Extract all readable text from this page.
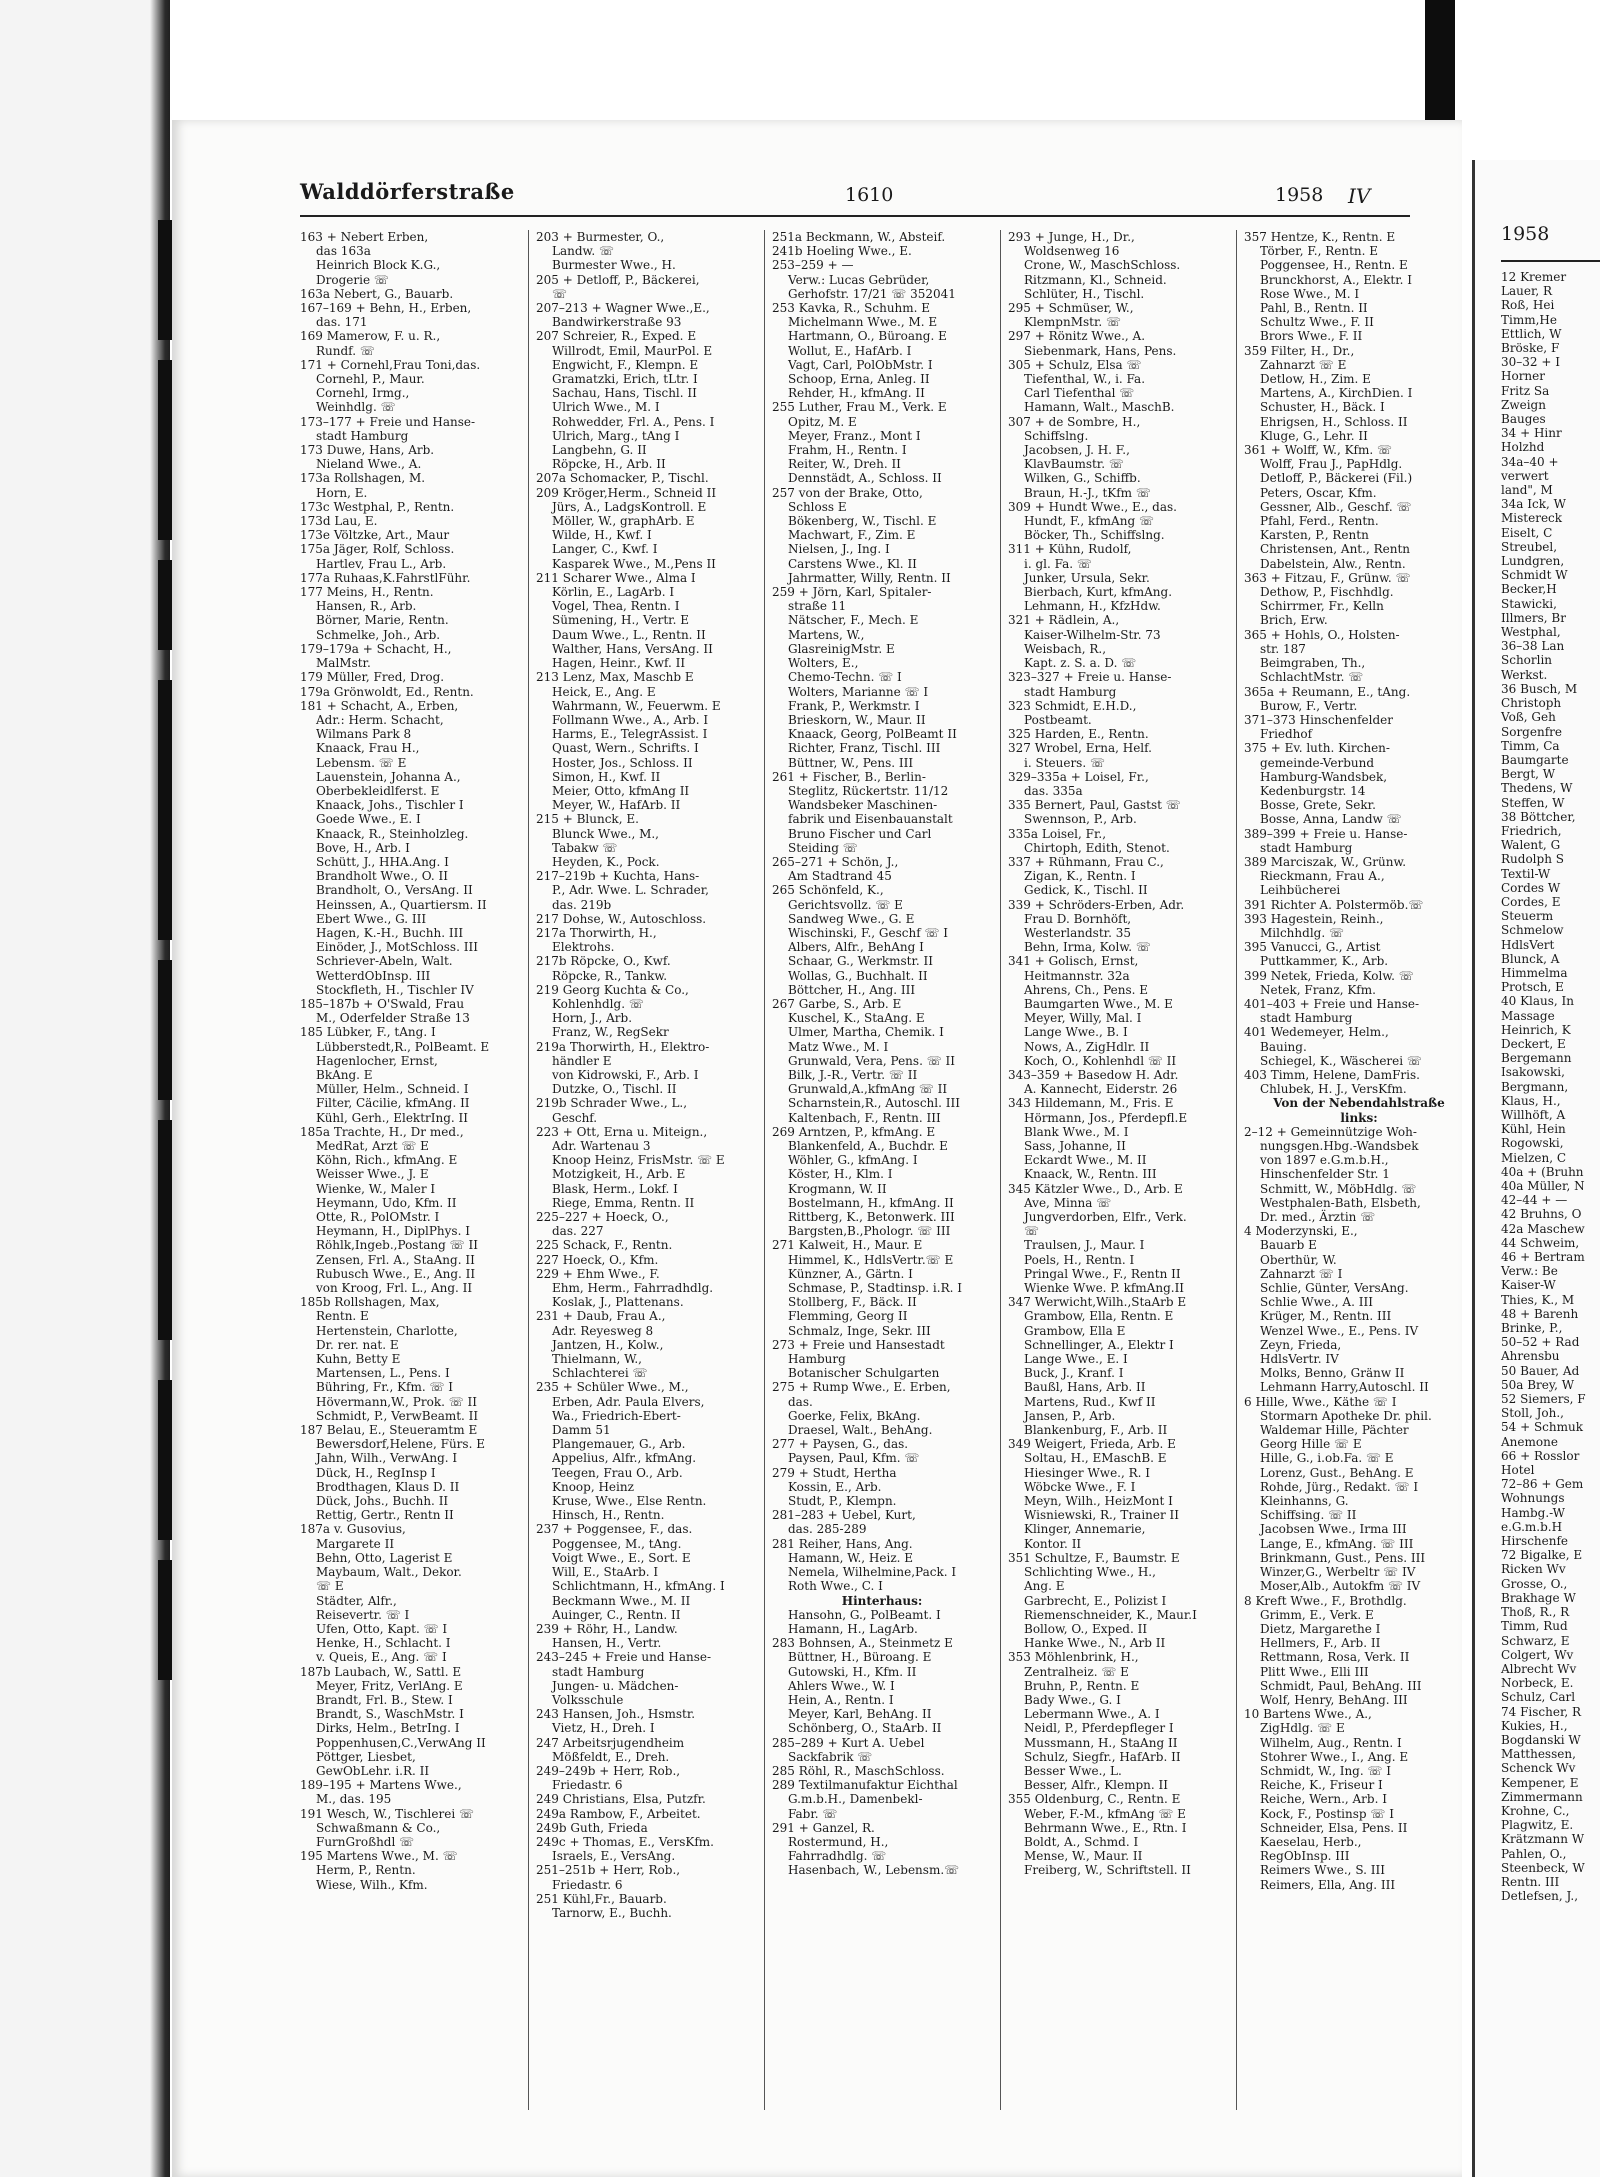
Walddörferstraße	1610	1958 IV
163 + Nebert Erben,
das 163a
Heinrich Block K.G.,
Drogerie ☏
163a Nebert, G., Bauarb.
167–169 + Behn, H., Erben,
das. 171
169 Mamerow, F. u. R.,
Rundf. ☏
171 + Cornehl,Frau Toni,das.
Cornehl, P., Maur.
Cornehl, Irmg.,
Weinhdlg. ☏
173–177 + Freie und Hanse-
stadt Hamburg
173 Duwe, Hans, Arb.
Nieland Wwe., A.
173a Rollshagen, M.
Horn, E.
173c Westphal, P., Rentn.
173d Lau, E.
173e Völtzke, Art., Maur
175a Jäger, Rolf, Schloss.
Hartlev, Frau L., Arb.
177a Ruhaas,K.FahrstlFühr.
177 Meins, H., Rentn.
Hansen, R., Arb.
Börner, Marie, Rentn.
Schmelke, Joh., Arb.
179–179a + Schacht, H.,
MalMstr.
179 Müller, Fred, Drog.
179a Grönwoldt, Ed., Rentn.
181 + Schacht, A., Erben,
Adr.: Herm. Schacht,
Wilmans Park 8
Knaack, Frau H.,
Lebensm. ☏ E
Lauenstein, Johanna A.,
Oberbekleidlferst. E
Knaack, Johs., Tischler I
Goede Wwe., E. I
Knaack, R., Steinholzleg.
Bove, H., Arb. I
Schütt, J., HHA.Ang. I
Brandholt Wwe., O. II
Brandholt, O., VersAng. II
Heinssen, A., Quartiersm. II
Ebert Wwe., G. III
Hagen, K.-H., Buchh. III
Einöder, J., MotSchloss. III
Schriever-Abeln, Walt.
WetterdObInsp. III
Stockfleth, H., Tischler IV
185–187b + O'Swald, Frau
M., Oderfelder Straße 13
185 Lübker, F., tAng. I
Lübberstedt,R., PolBeamt. E
Hagenlocher, Ernst,
BkAng. E
Müller, Helm., Schneid. I
Filter, Cäcilie, kfmAng. II
Kühl, Gerh., ElektrIng. II
185a Trachte, H., Dr med.,
MedRat, Arzt ☏ E
Köhn, Rich., kfmAng. E
Weisser Wwe., J. E
Wienke, W., Maler I
Heymann, Udo, Kfm. II
Otte, R., PolOMstr. I
Heymann, H., DiplPhys. I
Röhlk,Ingeb.,Postang ☏ II
Zensen, Frl. A., StaAng. II
Rubusch Wwe., E., Ang. II
von Kroog, Frl. L., Ang. II
185b Rollshagen, Max,
Rentn. E
Hertenstein, Charlotte,
Dr. rer. nat. E
Kuhn, Betty E
Martensen, L., Pens. I
Bühring, Fr., Kfm. ☏ I
Hövermann,W., Prok. ☏ II
Schmidt, P., VerwBeamt. II
187 Belau, E., Steueramtm E
Bewersdorf,Helene, Fürs. E
Jahn, Wilh., VerwAng. I
Dück, H., RegInsp I
Brodthagen, Klaus D. II
Dück, Johs., Buchh. II
Rettig, Gertr., Rentn II
187a v. Gusovius,
Margarete II
Behn, Otto, Lagerist E
Maybaum, Walt., Dekor.
☏ E
Städter, Alfr.,
Reisevertr. ☏ I
Ufen, Otto, Kapt. ☏ I
Henke, H., Schlacht. I
v. Queis, E., Ang. ☏ I
187b Laubach, W., Sattl. E
Meyer, Fritz, VerlAng. E
Brandt, Frl. B., Stew. I
Brandt, S., WaschMstr. I
Dirks, Helm., BetrIng. I
Poppenhusen,C.,VerwAng II
Pöttger, Liesbet,
GewObLehr. i.R. II
189–195 + Martens Wwe.,
M., das. 195
191 Wesch, W., Tischlerei ☏
Schwaßmann & Co.,
FurnGroßhdl ☏
195 Martens Wwe., M. ☏
Herm, P., Rentn.
Wiese, Wilh., Kfm.
203 + Burmester, O.,
Landw. ☏
Burmester Wwe., H.
205 + Detloff, P., Bäckerei,
☏
207–213 + Wagner Wwe.,E.,
Bandwirkerstraße 93
207 Schreier, R., Exped. E
Willrodt, Emil, MaurPol. E
Engwicht, F., Klempn. E
Gramatzki, Erich, tLtr. I
Sachau, Hans, Tischl. II
Ulrich Wwe., M. I
Rohwedder, Frl. A., Pens. I
Ulrich, Marg., tAng I
Langbehn, G. II
Röpcke, H., Arb. II
207a Schomacker, P., Tischl.
209 Kröger,Herm., Schneid II
Jürs, A., LadgsKontroll. E
Möller, W., graphArb. E
Wilde, H., Kwf. I
Langer, C., Kwf. I
Kasparek Wwe., M.,Pens II
211 Scharer Wwe., Alma I
Körlin, E., LagArb. I
Vogel, Thea, Rentn. I
Sümening, H., Vertr. E
Daum Wwe., L., Rentn. II
Walther, Hans, VersAng. II
Hagen, Heinr., Kwf. II
213 Lenz, Max, Maschb E
Heick, E., Ang. E
Wahrmann, W., Feuerwm. E
Follmann Wwe., A., Arb. I
Harms, E., TelegrAssist. I
Quast, Wern., Schrifts. I
Hoster, Jos., Schloss. II
Simon, H., Kwf. II
Meier, Otto, kfmAng II
Meyer, W., HafArb. II
215 + Blunck, E.
Blunck Wwe., M.,
Tabakw ☏
Heyden, K., Pock.
217–219b + Kuchta, Hans-
P., Adr. Wwe. L. Schrader,
das. 219b
217 Dohse, W., Autoschloss.
217a Thorwirth, H.,
Elektrohs.
217b Röpcke, O., Kwf.
Röpcke, R., Tankw.
219 Georg Kuchta & Co.,
Kohlenhdlg. ☏
Horn, J., Arb.
Franz, W., RegSekr
219a Thorwirth, H., Elektro-
händler E
von Kidrowski, F., Arb. I
Dutzke, O., Tischl. II
219b Schrader Wwe., L.,
Geschf.
223 + Ott, Erna u. Miteign.,
Adr. Wartenau 3
Knoop Heinz, FrisMstr. ☏ E
Motzigkeit, H., Arb. E
Blask, Herm., Lokf. I
Riege, Emma, Rentn. II
225–227 + Hoeck, O.,
das. 227
225 Schack, F., Rentn.
227 Hoeck, O., Kfm.
229 + Ehm Wwe., F.
Ehm, Herm., Fahrradhdlg.
Koslak, J., Plattenans.
231 + Daub, Frau A.,
Adr. Reyesweg 8
Jantzen, H., Kolw.,
Thielmann, W.,
Schlachterei ☏
235 + Schüler Wwe., M.,
Erben, Adr. Paula Elvers,
Wa., Friedrich-Ebert-
Damm 51
Plangemauer, G., Arb.
Appelius, Alfr., kfmAng.
Teegen, Frau O., Arb.
Knoop, Heinz
Kruse, Wwe., Else Rentn.
Hinsch, H., Rentn.
237 + Poggensee, F., das.
Poggensee, M., tAng.
Voigt Wwe., E., Sort. E
Will, E., StaArb. I
Schlichtmann, H., kfmAng. I
Beckmann Wwe., M. II
Auinger, C., Rentn. II
239 + Röhr, H., Landw.
Hansen, H., Vertr.
243–245 + Freie und Hanse-
stadt Hamburg
Jungen- u. Mädchen-
Volksschule
243 Hansen, Joh., Hsmstr.
Vietz, H., Dreh. I
247 Arbeitsrjugendheim
Mößfeldt, E., Dreh.
249–249b + Herr, Rob.,
Friedastr. 6
249 Christians, Elsa, Putzfr.
249a Rambow, F., Arbeitet.
249b Guth, Frieda
249c + Thomas, E., VersKfm.
Israels, E., VersAng.
251–251b + Herr, Rob.,
Friedastr. 6
251 Kühl,Fr., Bauarb.
Tarnorw, E., Buchh.
251a Beckmann, W., Absteif.
241b Hoeling Wwe., E.
253–259 + —
Verw.: Lucas Gebrüder,
Gerhofstr. 17/21 ☏ 352041
253 Kavka, R., Schuhm. E
Michelmann Wwe., M. E
Hartmann, O., Büroang. E
Wollut, E., HafArb. I
Vagt, Carl, PolObMstr. I
Schoop, Erna, Anleg. II
Rehder, H., kfmAng. II
255 Luther, Frau M., Verk. E
Opitz, M. E
Meyer, Franz., Mont I
Frahm, H., Rentn. I
Reiter, W., Dreh. II
Dennstädt, A., Schloss. II
257 von der Brake, Otto,
Schloss E
Bökenberg, W., Tischl. E
Machwart, F., Zim. E
Nielsen, J., Ing. I
Carstens Wwe., Kl. II
Jahrmatter, Willy, Rentn. II
259 + Jörn, Karl, Spitaler-
straße 11
Nätscher, F., Mech. E
Martens, W.,
GlasreinigMstr. E
Wolters, E.,
Chemo-Techn. ☏ I
Wolters, Marianne ☏ I
Frank, P., Werkmstr. I
Brieskorn, W., Maur. II
Knaack, Georg, PolBeamt II
Richter, Franz, Tischl. III
Büttner, W., Pens. III
261 + Fischer, B., Berlin-
Steglitz, Rückertstr. 11/12
Wandsbeker Maschinen-
fabrik und Eisenbauanstalt
Bruno Fischer und Carl
Steiding ☏
265–271 + Schön, J.,
Am Stadtrand 45
265 Schönfeld, K.,
Gerichtsvollz. ☏ E
Sandweg Wwe., G. E
Wischinski, F., Geschf ☏ I
Albers, Alfr., BehAng I
Schaar, G., Werkmstr. II
Wollas, G., Buchhalt. II
Böttcher, H., Ang. III
267 Garbe, S., Arb. E
Kuschel, K., StaAng. E
Ulmer, Martha, Chemik. I
Matz Wwe., M. I
Grunwald, Vera, Pens. ☏ II
Bilk, J.-R., Vertr. ☏ II
Grunwald,A.,kfmAng ☏ II
Scharnstein,R., Autoschl. III
Kaltenbach, F., Rentn. III
269 Arntzen, P., kfmAng. E
Blankenfeld, A., Buchdr. E
Wöhler, G., kfmAng. I
Köster, H., Klm. I
Krogmann, W. II
Bostelmann, H., kfmAng. II
Rittberg, K., Betonwerk. III
Bargsten,B.,Phologr. ☏ III
271 Kalweit, H., Maur. E
Himmel, K., HdlsVertr.☏ E
Künzner, A., Gärtn. I
Schmase, P., Stadtinsp. i.R. I
Stollberg, F., Bäck. II
Flemming, Georg II
Schmalz, Inge, Sekr. III
273 + Freie und Hansestadt
Hamburg
Botanischer Schulgarten
275 + Rump Wwe., E. Erben,
das.
Goerke, Felix, BkAng.
Draesel, Walt., BehAng.
277 + Paysen, G., das.
Paysen, Paul, Kfm. ☏
279 + Studt, Hertha
Kossin, E., Arb.
Studt, P., Klempn.
281–283 + Uebel, Kurt,
das. 285-289
281 Reiher, Hans, Ang.
Hamann, W., Heiz. E
Nemela, Wilhelmine,Pack. I
Roth Wwe., C. I
Hinterhaus:
Hansohn, G., PolBeamt. I
Hamann, H., LagArb.
283 Bohnsen, A., Steinmetz E
Büttner, H., Büroang. E
Gutowski, H., Kfm. II
Ahlers Wwe., W. I
Hein, A., Rentn. I
Meyer, Karl, BehAng. II
Schönberg, O., StaArb. II
285–289 + Kurt A. Uebel
Sackfabrik ☏
285 Röhl, R., MaschSchloss.
289 Textilmanufaktur Eichthal
G.m.b.H., Damenbekl-
Fabr. ☏
291 + Ganzel, R.
Rostermund, H.,
Fahrradhdlg. ☏
Hasenbach, W., Lebensm.☏
293 + Junge, H., Dr.,
Woldsenweg 16
Crone, W., MaschSchloss.
Ritzmann, Kl., Schneid.
Schlüter, H., Tischl.
295 + Schmüser, W.,
KlempnMstr. ☏
297 + Rönitz Wwe., A.
Siebenmark, Hans, Pens.
305 + Schulz, Elsa ☏
Tiefenthal, W., i. Fa.
Carl Tiefenthal ☏
Hamann, Walt., MaschB.
307 + de Sombre, H.,
Schiffslng.
Jacobsen, J. H. F.,
KlavBaumstr. ☏
Wilken, G., Schiffb.
Braun, H.-J., tKfm ☏
309 + Hundt Wwe., E., das.
Hundt, F., kfmAng ☏
Böcker, Th., Schiffslng.
311 + Kühn, Rudolf,
i. gl. Fa. ☏
Junker, Ursula, Sekr.
Bierbach, Kurt, kfmAng.
Lehmann, H., KfzHdw.
321 + Rädlein, A.,
Kaiser-Wilhelm-Str. 73
Weisbach, R.,
Kapt. z. S. a. D. ☏
323–327 + Freie u. Hanse-
stadt Hamburg
323 Schmidt, E.H.D.,
Postbeamt.
325 Harden, E., Rentn.
327 Wrobel, Erna, Helf.
i. Steuers. ☏
329–335a + Loisel, Fr.,
das. 335a
335 Bernert, Paul, Gastst ☏
Swennson, P., Arb.
335a Loisel, Fr.,
Chirtoph, Edith, Stenot.
337 + Rühmann, Frau C.,
Zigan, K., Rentn. I
Gedick, K., Tischl. II
339 + Schröders-Erben, Adr.
Frau D. Bornhöft,
Westerlandstr. 35
Behn, Irma, Kolw. ☏
341 + Golisch, Ernst,
Heitmannstr. 32a
Ahrens, Ch., Pens. E
Baumgarten Wwe., M. E
Meyer, Willy, Mal. I
Lange Wwe., B. I
Nows, A., ZigHdlr. II
Koch, O., Kohlenhdl ☏ II
343–359 + Basedow H. Adr.
A. Kannecht, Eiderstr. 26
343 Hildemann, M., Fris. E
Hörmann, Jos., Pferdepfl.E
Blank Wwe., M. I
Sass, Johanne, II
Eckardt Wwe., M. II
Knaack, W., Rentn. III
345 Kätzler Wwe., D., Arb. E
Ave, Minna ☏
Jungverdorben, Elfr., Verk.
☏
Traulsen, J., Maur. I
Poels, H., Rentn. I
Pringal Wwe., F., Rentn II
Wienke Wwe. P. kfmAng.II
347 Werwicht,Wilh.,StaArb E
Grambow, Ella, Rentn. E
Grambow, Ella E
Schnellinger, A., Elektr I
Lange Wwe., E. I
Buck, J., Kranf. I
Baußl, Hans, Arb. II
Martens, Rud., Kwf II
Jansen, P., Arb.
Blankenburg, F., Arb. II
349 Weigert, Frieda, Arb. E
Soltau, H., EMaschB. E
Hiesinger Wwe., R. I
Wöbcke Wwe., F. I
Meyn, Wilh., HeizMont I
Wisniewski, R., Trainer II
Klinger, Annemarie,
Kontor. II
351 Schultze, F., Baumstr. E
Schlichting Wwe., H.,
Ang. E
Garbrecht, E., Polizist I
Riemenschneider, K., Maur.I
Bollow, O., Exped. II
Hanke Wwe., N., Arb II
353 Möhlenbrink, H.,
Zentralheiz. ☏ E
Bruhn, P., Rentn. E
Bady Wwe., G. I
Lebermann Wwe., A. I
Neidl, P., Pferdepfleger I
Mussmann, H., StaAng II
Schulz, Siegfr., HafArb. II
Besser Wwe., L.
Besser, Alfr., Klempn. II
355 Oldenburg, C., Rentn. E
Weber, F.-M., kfmAng ☏ E
Behrmann Wwe., E., Rtn. I
Boldt, A., Schmd. I
Mense, W., Maur. II
Freiberg, W., Schriftstell. II
357 Hentze, K., Rentn. E
Törber, F., Rentn. E
Poggensee, H., Rentn. E
Brunckhorst, A., Elektr. I
Rose Wwe., M. I
Pahl, B., Rentn. II
Schultz Wwe., F. II
Brors Wwe., F. II
359 Filter, H., Dr.,
Zahnarzt ☏ E
Detlow, H., Zim. E
Martens, A., KirchDien. I
Schuster, H., Bäck. I
Ehrigsen, H., Schloss. II
Kluge, G., Lehr. II
361 + Wolff, W., Kfm. ☏
Wolff, Frau J., PapHdlg.
Detloff, P., Bäckerei (Fil.)
Peters, Oscar, Kfm.
Gessner, Alb., Geschf. ☏
Pfahl, Ferd., Rentn.
Karsten, P., Rentn
Christensen, Ant., Rentn
Dabelstein, Alw., Rentn.
363 + Fitzau, F., Grünw. ☏
Dethow, P., Fischhdlg.
Schirrmer, Fr., Kelln
Brich, Erw.
365 + Hohls, O., Holsten-
str. 187
Beimgraben, Th.,
SchlachtMstr. ☏
365a + Reumann, E., tAng.
Burow, F., Vertr.
371–373 Hinschenfelder
Friedhof
375 + Ev. luth. Kirchen-
gemeinde-Verbund
Hamburg-Wandsbek,
Kedenburgstr. 14
Bosse, Grete, Sekr.
Bosse, Anna, Landw ☏
389–399 + Freie u. Hanse-
stadt Hamburg
389 Marciszak, W., Grünw.
Rieckmann, Frau A.,
Leihbücherei
391 Richter A. Polstermöb.☏
393 Hagestein, Reinh.,
Milchhdlg. ☏
395 Vanucci, G., Artist
Puttkammer, K., Arb.
399 Netek, Frieda, Kolw. ☏
Netek, Franz, Kfm.
401–403 + Freie und Hanse-
stadt Hamburg
401 Wedemeyer, Helm.,
Bauing.
Schiegel, K., Wäscherei ☏
403 Timm, Helene, DamFris.
Chlubek, H. J., VersKfm.
Von der Nebendahlstraße
links:
2–12 + Gemeinnützige Woh-
nungsgen.Hbg.-Wandsbek
von 1897 e.G.m.b.H.,
Hinschenfelder Str. 1
Schmitt, W., MöbHdlg. ☏
Westphalen-Bath, Elsbeth,
Dr. med., Ärztin ☏
4 Moderzynski, E.,
Bauarb E
Oberthür, W.
Zahnarzt ☏ I
Schlie, Günter, VersAng.
Schlie Wwe., A. III
Krüger, M., Rentn. III
Wenzel Wwe., E., Pens. IV
Zeyn, Frieda,
HdlsVertr. IV
Molks, Benno, Gränw II
Lehmann Harry,Autoschl. II
6 Hille, Wwe., Käthe ☏ I
Stormarn Apotheke Dr. phil.
Waldemar Hille, Pächter
Georg Hille ☏ E
Hille, G., i.ob.Fa. ☏ E
Lorenz, Gust., BehAng. E
Rohde, Jürg., Redakt. ☏ I
Kleinhanns, G.
Schiffsing. ☏ II
Jacobsen Wwe., Irma III
Lange, E., kfmAng. ☏ III
Brinkmann, Gust., Pens. III
Winzer,G., Werbeltr ☏ IV
Moser,Alb., Autokfm ☏ IV
8 Kreft Wwe., F., Brothdlg.
Grimm, E., Verk. E
Dietz, Margarethe I
Hellmers, F., Arb. II
Rettmann, Rosa, Verk. II
Plitt Wwe., Elli III
Schmidt, Paul, BehAng. III
Wolf, Henry, BehAng. III
10 Bartens Wwe., A.,
ZigHdlg. ☏ E
Wilhelm, Aug., Rentn. I
Stohrer Wwe., I., Ang. E
Schmidt, W., Ing. ☏ I
Reiche, K., Friseur I
Reiche, Wern., Arb. I
Kock, F., Postinsp ☏ I
Schneider, Elsa, Pens. II
Kaeselau, Herb.,
RegObInsp. III
Reimers Wwe., S. III
Reimers, Ella, Ang. III
1958
12 Kremer
Lauer, R
Roß, Hei
Timm,He
Ettlich, W
Bröske, F
30–32 + I
Horner
Fritz Sa
Zweign
Bauges
34 + Hinr
Holzhd
34a–40 +
verwert
land", M
34a Ick, W
Mistereck
Eiselt, C
Streubel,
Lundgren,
Schmidt W
Becker,H
Stawicki,
Illmers, Br
Westphal,
36–38 Lan
Schorlin
Werkst.
36 Busch, M
Christoph
Voß, Geh
Sorgenfre
Timm, Ca
Baumgarte
Bergt, W
Thedens, W
Steffen, W
38 Böttcher,
Friedrich,
Walent, G
Rudolph S
Textil-W
Cordes W
Cordes, E
Steuerm
Schmelow
HdlsVert
Blunck, A
Himmelma
Protsch, E
40 Klaus, In
Massage
Heinrich, K
Deckert, E
Bergemann
Isakowski,
Bergmann,
Klaus, H.,
Willhöft, A
Kühl, Hein
Rogowski,
Mielzen, C
40a + (Bruhn
40a Müller, N
42–44 + —
42 Bruhns, O
42a Maschew
44 Schweim,
46 + Bertram
Verw.: Be
Kaiser-W
Thies, K., M
48 + Barenh
Brinke, P.,
50–52 + Rad
Ahrensbu
50 Bauer, Ad
50a Brey, W
52 Siemers, F
Stoll, Joh.,
54 + Schmuk
Anemone
66 + Rosslor
Hotel
72–86 + Gem
Wohnungs
Hambg.-W
e.G.m.b.H
Hirschenfe
72 Bigalke, E
Ricken Wv
Grosse, O.,
Brakhage W
Thoß, R., R
Timm, Rud
Schwarz, E
Colgert, Wv
Albrecht Wv
Norbeck, E.
Schulz, Carl
74 Fischer, R
Kukies, H.,
Bogdanski W
Matthessen,
Schenck Wv
Kempener, E
Zimmermann
Krohne, C.,
Plagwitz, E.
Krätzmann W
Pahlen, O.,
Steenbeck, W
Rentn. III
Detlefsen, J.,
